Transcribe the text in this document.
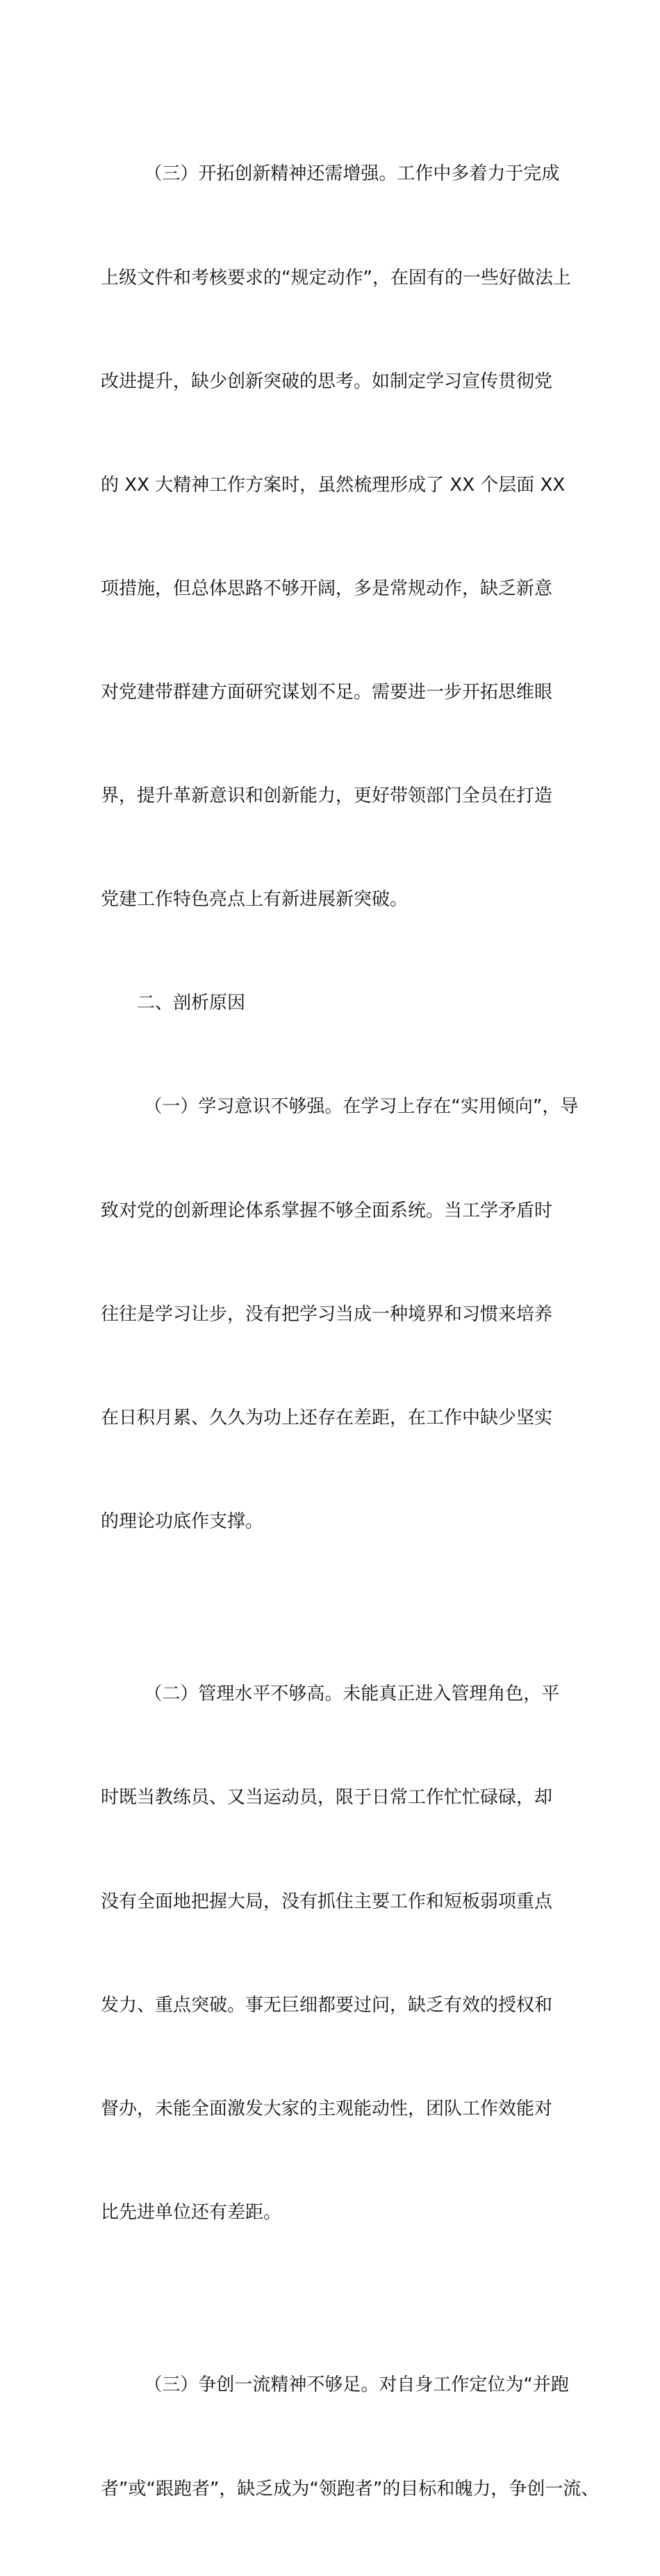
（三）开拓创新精神还需增强。工作中多着力于完成

上级文件和考核要求的“规定动作”，在固有的一些好做法上

改进提升，缺少创新突破的思考。如制定学习宣传贯彻党

的 XX 大精神工作方案时，虽然梳理形成了 XX 个层面 XX

项措施，但总体思路不够开阔，多是常规动作，缺乏新意

对党建带群建方面研究谋划不足。需要进一步开拓思维眼

界，提升革新意识和创新能力，更好带领部门全员在打造

党建工作特色亮点上有新进展新突破。

二、剖析原因

（一）学习意识不够强。在学习上存在“实用倾向”，导

致对党的创新理论体系掌握不够全面系统。当工学矛盾时

往往是学习让步，没有把学习当成一种境界和习惯来培养

在日积月累、久久为功上还存在差距，在工作中缺少坚实

的理论功底作支撑。

（二）管理水平不够高。未能真正进入管理角色，平

时既当教练员、又当运动员，限于日常工作忙忙碌碌，却

没有全面地把握大局，没有抓住主要工作和短板弱项重点

发力、重点突破。事无巨细都要过问，缺乏有效的授权和

督办，未能全面激发大家的主观能动性，团队工作效能对

比先进单位还有差距。

（三）争创一流精神不够足。对自身工作定位为“并跑

者”或“跟跑者”，缺乏成为“领跑者”的目标和魄力，争创一流、
